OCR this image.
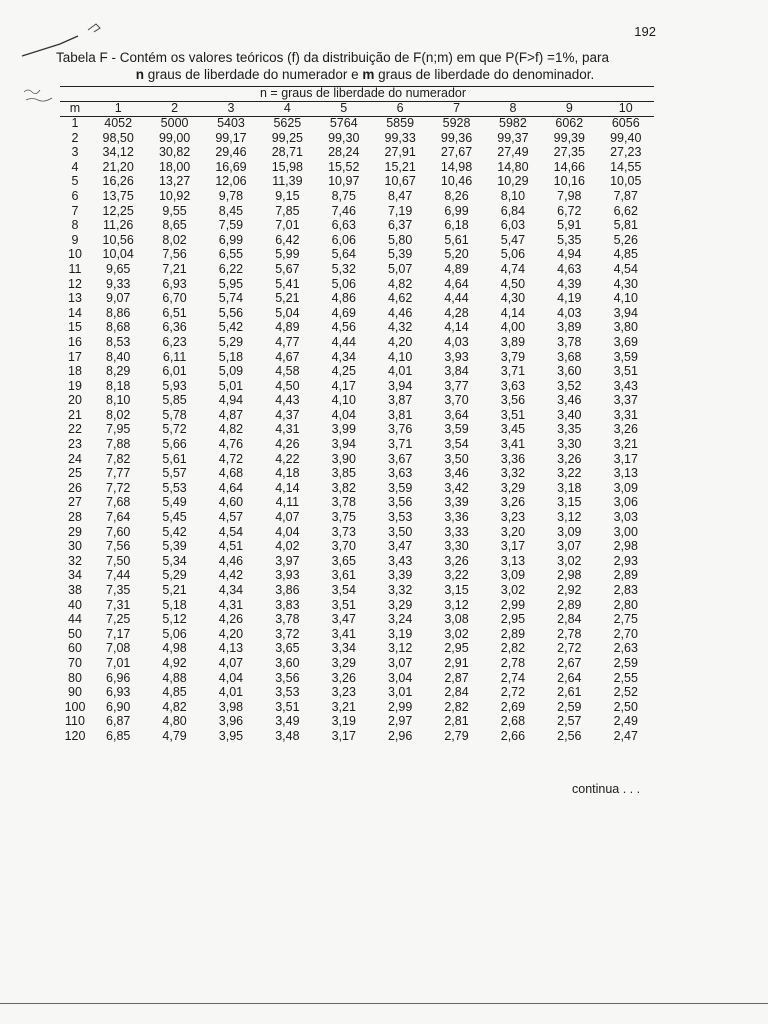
192
Tabela F - Contém os valores teóricos (f) da distribuição de F(n;m) em que P(F>f) =1%, para
n graus de liberdade do numerador e m graus de liberdade do denominador.
n = graus de liberdade do numerador
m	1	2	3	4	5	6	7	8	9	10
1	4052	5000	5403	5625	5764	5859	5928	5982	6062	6056
2	98,50	99,00	99,17	99,25	99,30	99,33	99,36	99,37	99,39	99,40
3	34,12	30,82	29,46	28,71	28,24	27,91	27,67	27,49	27,35	27,23
4	21,20	18,00	16,69	15,98	15,52	15,21	14,98	14,80	14,66	14,55
5	16,26	13,27	12,06	11,39	10,97	10,67	10,46	10,29	10,16	10,05
6	13,75	10,92	9,78	9,15	8,75	8,47	8,26	8,10	7,98	7,87
7	12,25	9,55	8,45	7,85	7,46	7,19	6,99	6,84	6,72	6,62
8	11,26	8,65	7,59	7,01	6,63	6,37	6,18	6,03	5,91	5,81
9	10,56	8,02	6,99	6,42	6,06	5,80	5,61	5,47	5,35	5,26
10	10,04	7,56	6,55	5,99	5,64	5,39	5,20	5,06	4,94	4,85
11	9,65	7,21	6,22	5,67	5,32	5,07	4,89	4,74	4,63	4,54
12	9,33	6,93	5,95	5,41	5,06	4,82	4,64	4,50	4,39	4,30
13	9,07	6,70	5,74	5,21	4,86	4,62	4,44	4,30	4,19	4,10
14	8,86	6,51	5,56	5,04	4,69	4,46	4,28	4,14	4,03	3,94
15	8,68	6,36	5,42	4,89	4,56	4,32	4,14	4,00	3,89	3,80
16	8,53	6,23	5,29	4,77	4,44	4,20	4,03	3,89	3,78	3,69
17	8,40	6,11	5,18	4,67	4,34	4,10	3,93	3,79	3,68	3,59
18	8,29	6,01	5,09	4,58	4,25	4,01	3,84	3,71	3,60	3,51
19	8,18	5,93	5,01	4,50	4,17	3,94	3,77	3,63	3,52	3,43
20	8,10	5,85	4,94	4,43	4,10	3,87	3,70	3,56	3,46	3,37
21	8,02	5,78	4,87	4,37	4,04	3,81	3,64	3,51	3,40	3,31
22	7,95	5,72	4,82	4,31	3,99	3,76	3,59	3,45	3,35	3,26
23	7,88	5,66	4,76	4,26	3,94	3,71	3,54	3,41	3,30	3,21
24	7,82	5,61	4,72	4,22	3,90	3,67	3,50	3,36	3,26	3,17
25	7,77	5,57	4,68	4,18	3,85	3,63	3,46	3,32	3,22	3,13
26	7,72	5,53	4,64	4,14	3,82	3,59	3,42	3,29	3,18	3,09
27	7,68	5,49	4,60	4,11	3,78	3,56	3,39	3,26	3,15	3,06
28	7,64	5,45	4,57	4,07	3,75	3,53	3,36	3,23	3,12	3,03
29	7,60	5,42	4,54	4,04	3,73	3,50	3,33	3,20	3,09	3,00
30	7,56	5,39	4,51	4,02	3,70	3,47	3,30	3,17	3,07	2,98
32	7,50	5,34	4,46	3,97	3,65	3,43	3,26	3,13	3,02	2,93
34	7,44	5,29	4,42	3,93	3,61	3,39	3,22	3,09	2,98	2,89
38	7,35	5,21	4,34	3,86	3,54	3,32	3,15	3,02	2,92	2,83
40	7,31	5,18	4,31	3,83	3,51	3,29	3,12	2,99	2,89	2,80
44	7,25	5,12	4,26	3,78	3,47	3,24	3,08	2,95	2,84	2,75
50	7,17	5,06	4,20	3,72	3,41	3,19	3,02	2,89	2,78	2,70
60	7,08	4,98	4,13	3,65	3,34	3,12	2,95	2,82	2,72	2,63
70	7,01	4,92	4,07	3,60	3,29	3,07	2,91	2,78	2,67	2,59
80	6,96	4,88	4,04	3,56	3,26	3,04	2,87	2,74	2,64	2,55
90	6,93	4,85	4,01	3,53	3,23	3,01	2,84	2,72	2,61	2,52
100	6,90	4,82	3,98	3,51	3,21	2,99	2,82	2,69	2,59	2,50
110	6,87	4,80	3,96	3,49	3,19	2,97	2,81	2,68	2,57	2,49
120	6,85	4,79	3,95	3,48	3,17	2,96	2,79	2,66	2,56	2,47
continua . . .
